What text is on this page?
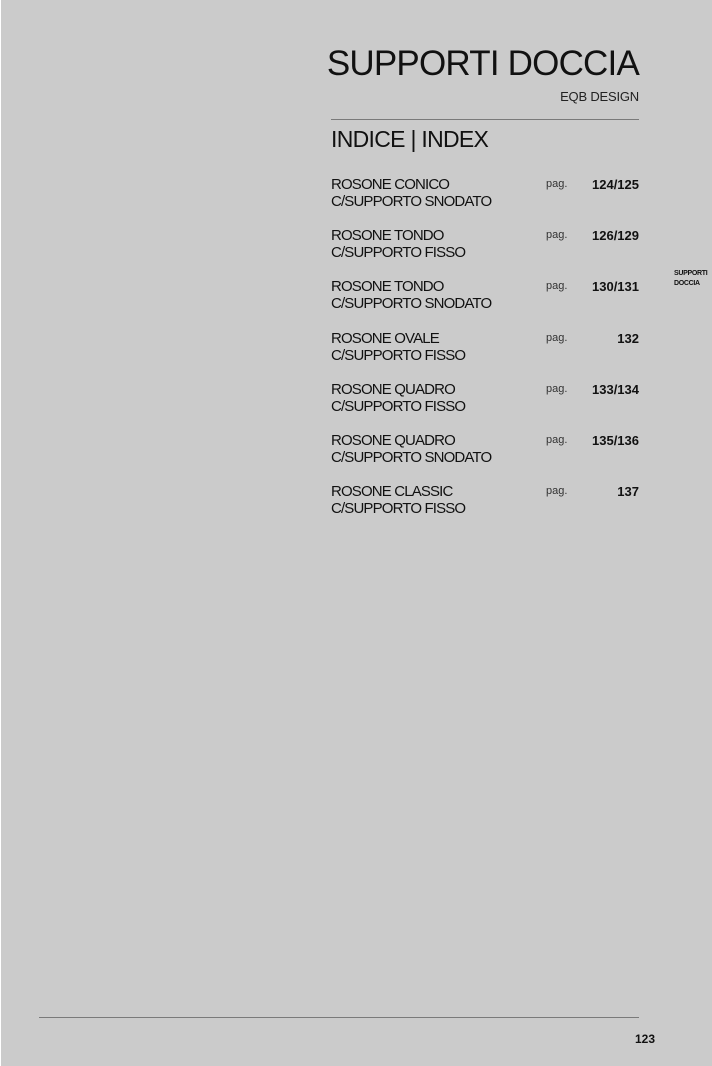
SUPPORTI DOCCIA
EQB DESIGN
INDICE | INDEX
ROSONE CONICO
C/SUPPORTO SNODATO
pag. 124/125
ROSONE TONDO
C/SUPPORTO FISSO
pag. 126/129
ROSONE TONDO
C/SUPPORTO SNODATO
pag. 130/131
ROSONE OVALE
C/SUPPORTO FISSO
pag.	132
ROSONE QUADRO
C/SUPPORTO FISSO
pag. 133/134
ROSONE QUADRO
C/SUPPORTO SNODATO
pag. 135/136
ROSONE CLASSIC
C/SUPPORTO FISSO
pag.	137
SUPPORTI
DOCCIA
123
